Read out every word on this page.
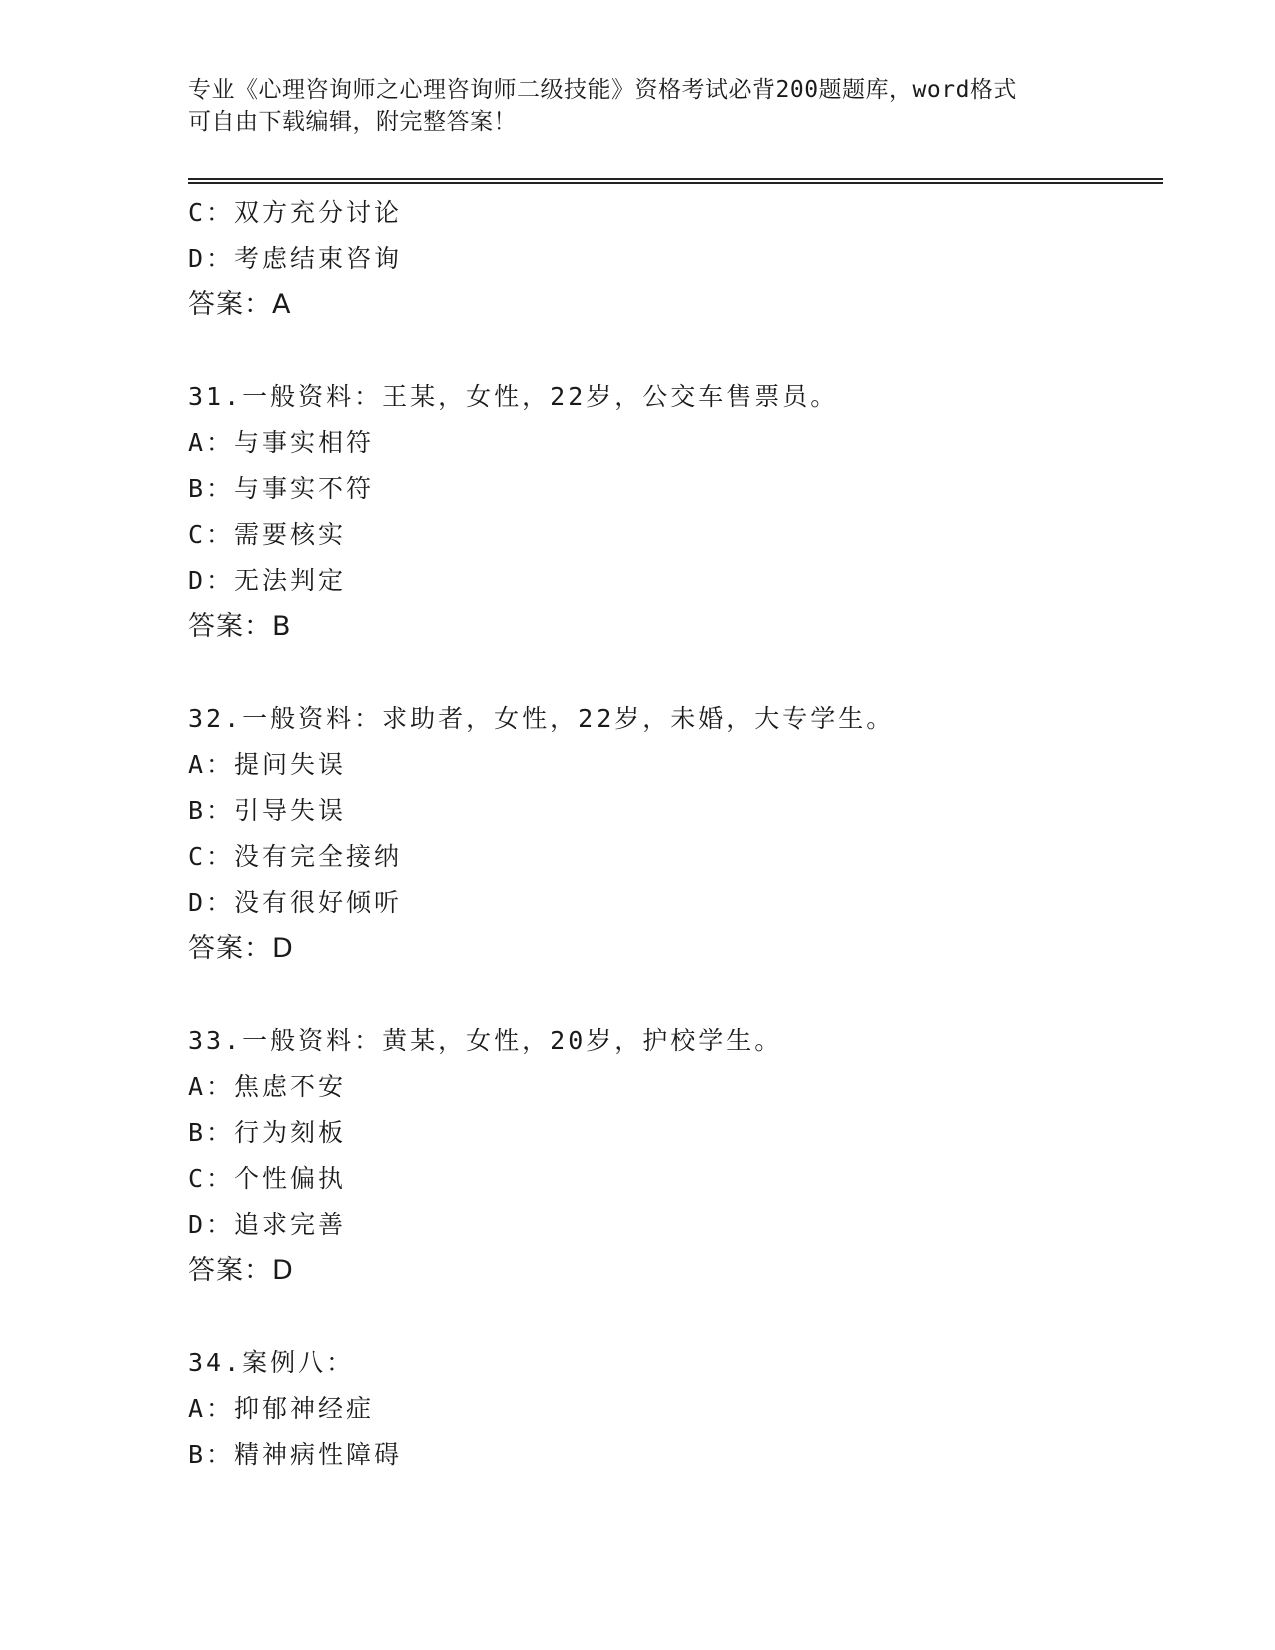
专业《心理咨询师之心理咨询师二级技能》资格考试必背200题题库，word格式
可自由下载编辑，附完整答案！
C：双方充分讨论
D：考虑结束咨询
答案：A
31.一般资料：王某，女性，22岁，公交车售票员。
A：与事实相符
B：与事实不符
C：需要核实
D：无法判定
答案：B
32.一般资料：求助者，女性，22岁，未婚，大专学生。
A：提问失误
B：引导失误
C：没有完全接纳
D：没有很好倾听
答案：D
33.一般资料：黄某，女性，20岁，护校学生。
A：焦虑不安
B：行为刻板
C：个性偏执
D：追求完善
答案：D
34.案例八：
A：抑郁神经症
B：精神病性障碍
